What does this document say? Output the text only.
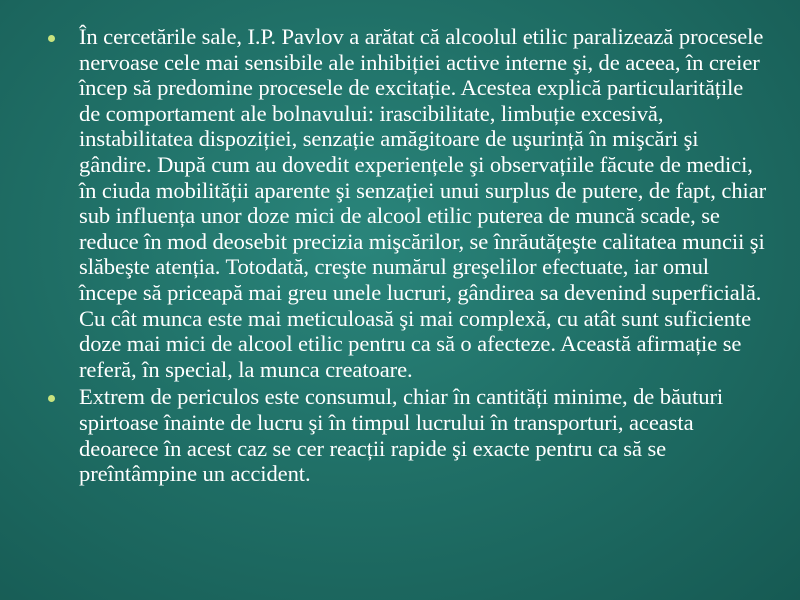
În cercetările sale, I.P. Pavlov a arătat că alcoolul etilic paralizează procesele nervoase cele mai sensibile ale inhibiției active interne şi, de aceea, în creier încep să predomine procesele de excitație. Acestea explică particularitățile de comportament ale bolnavului: irascibilitate, limbuție excesivă, instabilitatea dispoziției, senzație amăgitoare de uşurință în mişcări şi gândire. După cum au dovedit experiențele şi observațiile făcute de medici, în ciuda mobilității aparente şi senzației unui surplus de putere, de fapt, chiar sub influența unor doze mici de alcool etilic puterea de muncă scade, se reduce în mod deosebit precizia mişcărilor, se înrăutățeşte calitatea muncii şi slăbeşte atenția. Totodată, creşte numărul greşelilor efectuate, iar omul începe să priceapă mai greu unele lucruri, gândirea sa devenind superficială. Cu cât munca este mai meticuloasă şi mai complexă, cu atât sunt suficiente doze mai mici de alcool etilic pentru ca să o afecteze. Această afirmație se referă, în special, la munca creatoare.
Extrem de periculos este consumul, chiar în cantități minime, de băuturi spirtoase înainte de lucru şi în timpul lucrului în transporturi, aceasta deoarece în acest caz se cer reacții rapide şi exacte pentru ca să se preîntâmpine un accident.
